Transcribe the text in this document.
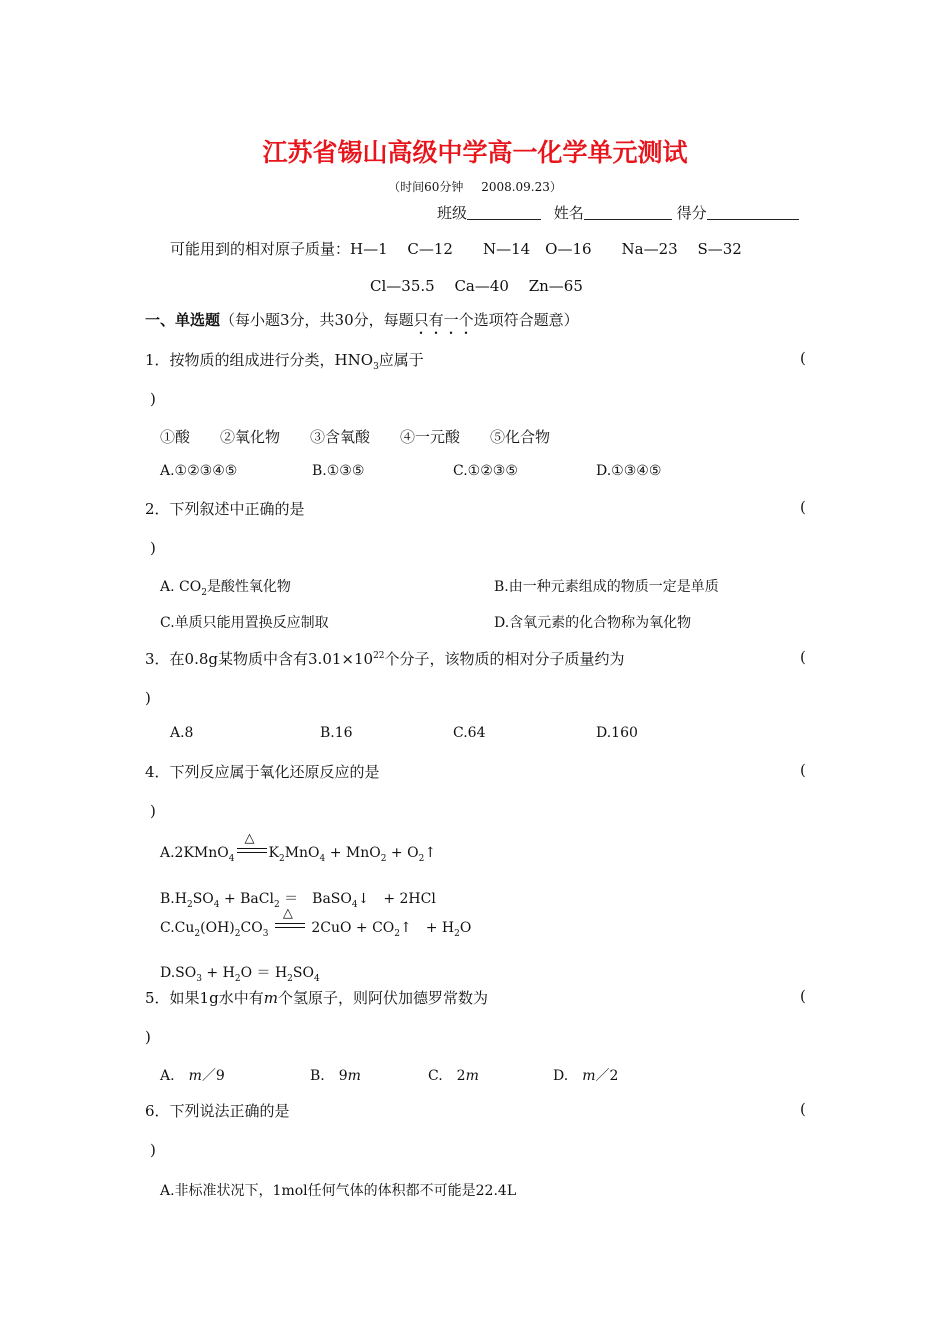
江苏省锡山高级中学高一化学单元测试
（时间60分钟 2008.09.23）
班级	姓名	得分
可能用到的相对原子质量：H—1　 C—12　　N—14　O—16　　Na—23　 S—32
Cl—35.5　 Ca—40　 Zn—65
一、单选题（每小题3分，共30分，每题只有一个选项符合题意）
1．按物质的组成进行分类，$HNO_3$应属于	(
)
①酸　　②氧化物　　③含氧酸　　④一元酸　　⑤化合物
A.①②③④⑤	B.①③⑤	C.①②③⑤	D.①③④⑤
2．下列叙述中正确的是	(
)
A. $CO_2$是酸性氧化物	B.由一种元素组成的物质一定是单质
C.单质只能用置换反应制取	D.含氧元素的化合物称为氧化物
3．在0.8g某物质中含有$3.01\times 10^{22}$个分子，该物质的相对分子质量约为	(
)
A.8	B.16	C.64	D.160
4．下列反应属于氧化还原反应的是	(
)
A.2KMnO$_4$
△
$K_2MnO_4 + MnO_2$ + $O_2↑$
$B.H_2SO_4$ + BaCl$_2$ ＝　BaSO$_4$↓　+ 2HCl
$C.Cu_2(OH)_2CO_3$
△
$2CuO + CO_2↑$　+ $H_2O$
$D.SO_3 + H_2O = H_2SO_4$
5．如果1g水中有m个氢原子，则阿伏加德罗常数为	(
)
A.　m／9	B.　9m	C.　2m	D.　m／2
6．下列说法正确的是	(
)
A.非标准状况下，1mol任何气体的体积都不可能是22.4L
